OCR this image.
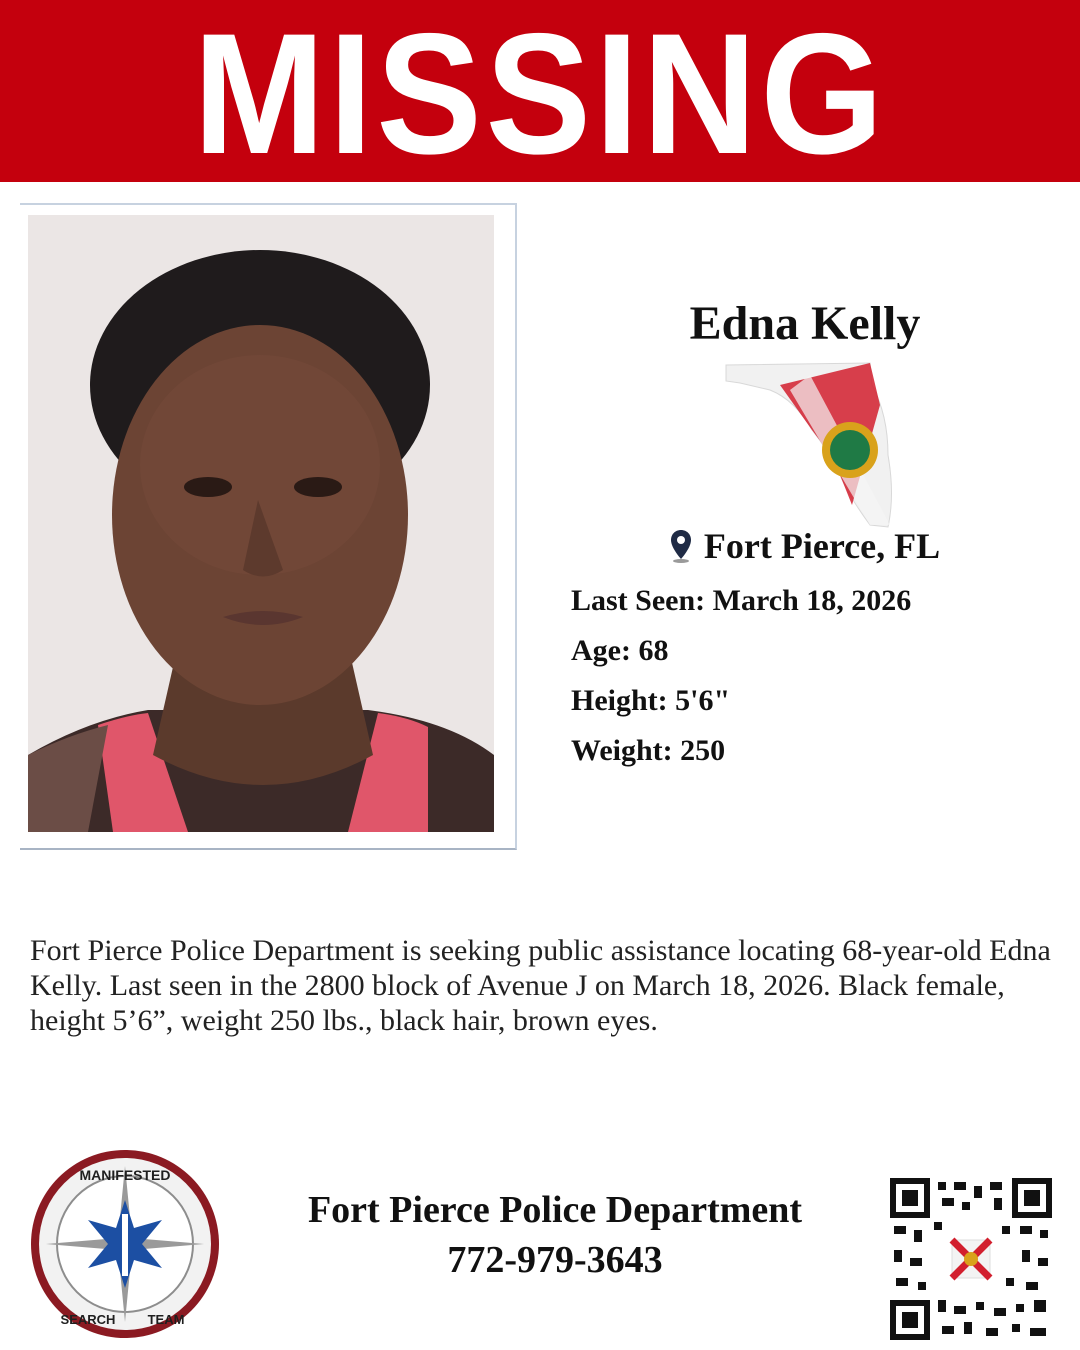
MISSING
Edna Kelly
Fort Pierce, FL
Last Seen: March 18, 2026
Age: 68
Height: 5'6"
Weight: 250
Fort Pierce Police Department is seeking public assistance locating 68-year-old Edna Kelly. Last seen in the 2800 block of Avenue J on March 18, 2026. Black female, height 5’6”, weight 250 lbs., black hair, brown eyes.
MANIFESTED
SEARCH TEAM
Fort Pierce Police Department
772-979-3643
